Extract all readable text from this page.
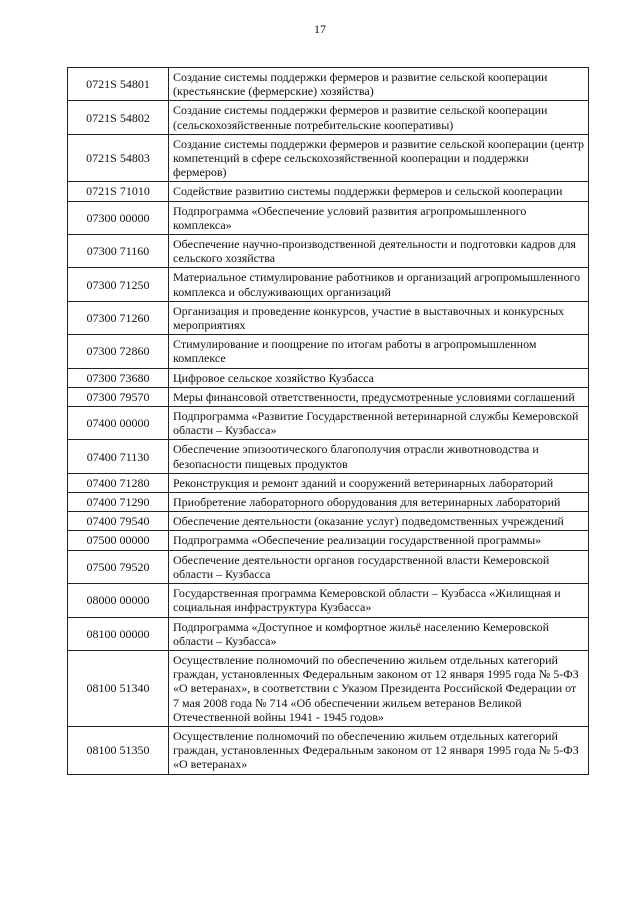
17
0721S 54801	Создание системы поддержки фермеров и развитие сельской кооперации (крестьянские (фермерские) хозяйства)
0721S 54802	Создание системы поддержки фермеров и развитие сельской кооперации (сельскохозяйственные потребительские кооперативы)
0721S 54803	Создание системы поддержки фермеров и развитие сельской кооперации (центр компетенций в сфере сельскохозяйственной кооперации и поддержки фермеров)
0721S 71010	Содействие развитию системы поддержки фермеров и сельской кооперации
07300 00000	Подпрограмма «Обеспечение условий развития агропромышленного комплекса»
07300 71160	Обеспечение научно-производственной деятельности и подготовки кадров для сельского хозяйства
07300 71250	Материальное стимулирование работников и организаций агропромышленного комплекса и обслуживающих организаций
07300 71260	Организация и проведение конкурсов, участие в выставочных и конкурсных мероприятиях
07300 72860	Стимулирование и поощрение по итогам работы в агропромышленном комплексе
07300 73680	Цифровое сельское хозяйство Кузбасса
07300 79570	Меры финансовой ответственности, предусмотренные условиями соглашений
07400 00000	Подпрограмма «Развитие Государственной ветеринарной службы Кемеровской области – Кузбасса»
07400 71130	Обеспечение эпизоотического благополучия отрасли животноводства и безопасности пищевых продуктов
07400 71280	Реконструкция и ремонт зданий и сооружений ветеринарных лабораторий
07400 71290	Приобретение лабораторного оборудования для ветеринарных лабораторий
07400 79540	Обеспечение деятельности (оказание услуг) подведомственных учреждений
07500 00000	Подпрограмма «Обеспечение реализации государственной программы»
07500 79520	Обеспечение деятельности органов государственной власти Кемеровской области – Кузбасса
08000 00000	Государственная программа Кемеровской области – Кузбасса «Жилищная и социальная инфраструктура Кузбасса»
08100 00000	Подпрограмма «Доступное и комфортное жильё населению Кемеровской области – Кузбасса»
08100 51340	Осуществление полномочий по обеспечению жильем отдельных категорий граждан, установленных Федеральным законом от 12 января 1995 года № 5-ФЗ «О ветеранах», в соответствии с Указом Президента Российской Федерации от 7 мая 2008 года № 714 «Об обеспечении жильем ветеранов Великой Отечественной войны 1941 - 1945 годов»
08100 51350	Осуществление полномочий по обеспечению жильем отдельных категорий граждан, установленных Федеральным законом от 12 января 1995 года № 5-ФЗ «О ветеранах»
